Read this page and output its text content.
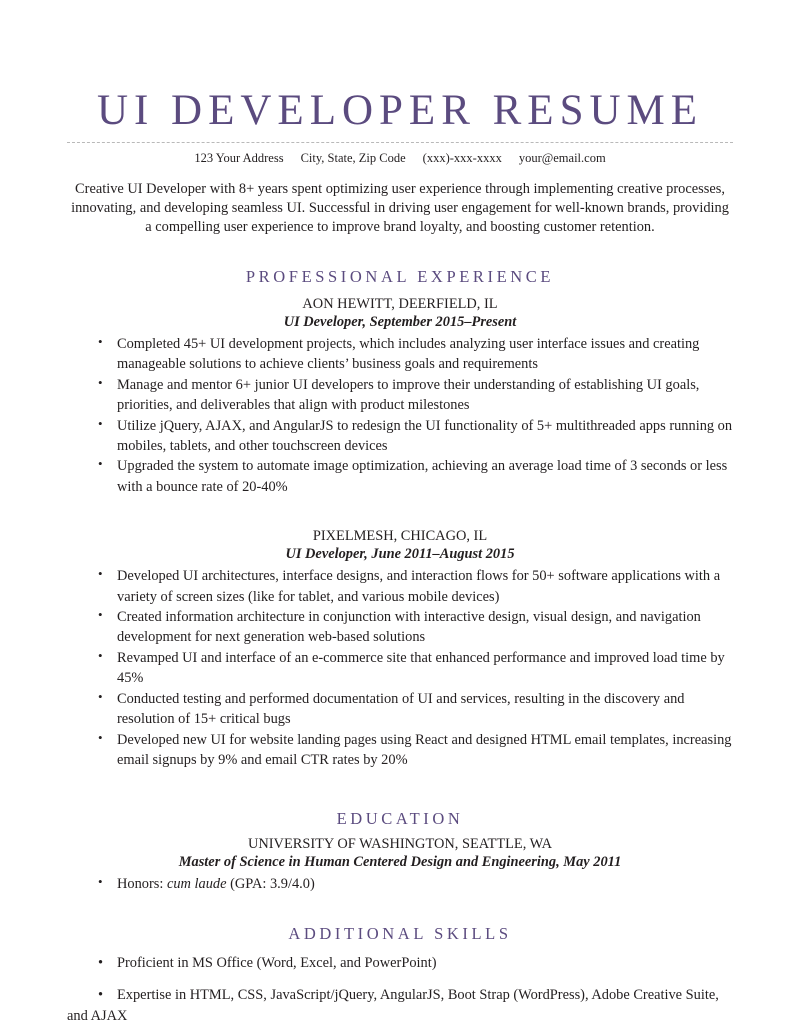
UI DEVELOPER RESUME
123 Your Address City, State, Zip Code (xxx)-xxx-xxxx your@email.com

Creative UI Developer with 8+ years spent optimizing user experience through implementing creative processes, innovating, and developing seamless UI. Successful in driving user engagement for well-known brands, providing a compelling user experience to improve brand loyalty, and boosting customer retention.

PROFESSIONAL EXPERIENCE

AON HEWITT, DEERFIELD, IL

UI Developer, September 2015–Present

• Completed 45+ UI development projects, which includes analyzing user interface issues and creating manageable solutions to achieve clients’ business goals and requirements
• Manage and mentor 6+ junior UI developers to improve their understanding of establishing UI goals, priorities, and deliverables that align with product milestones
• Utilize jQuery, AJAX, and AngularJS to redesign the UI functionality of 5+ multithreaded apps running on mobiles, tablets, and other touchscreen devices
• Upgraded the system to automate image optimization, achieving an average load time of 3 seconds or less with a bounce rate of 20-40%

PIXELMESH, CHICAGO, IL

UI Developer, June 2011–August 2015

• Developed UI architectures, interface designs, and interaction flows for 50+ software applications with a variety of screen sizes (like for tablet, and various mobile devices)
• Created information architecture in conjunction with interactive design, visual design, and navigation development for next generation web-based solutions
• Revamped UI and interface of an e-commerce site that enhanced performance and improved load time by 45%
• Conducted testing and performed documentation of UI and services, resulting in the discovery and resolution of 15+ critical bugs
• Developed new UI for website landing pages using React and designed HTML email templates, increasing email signups by 9% and email CTR rates by 20%
EDUCATION

UNIVERSITY OF WASHINGTON, SEATTLE, WA

Master of Science in Human Centered Design and Engineering, May 2011

• Honors: cum laude (GPA: 3.9/4.0)
ADDITIONAL SKILLS
• Proficient in MS Office (Word, Excel, and PowerPoint)
• Expertise in HTML, CSS, JavaScript/jQuery, AngularJS, Boot Strap (WordPress), Adobe Creative Suite, and AJAX
